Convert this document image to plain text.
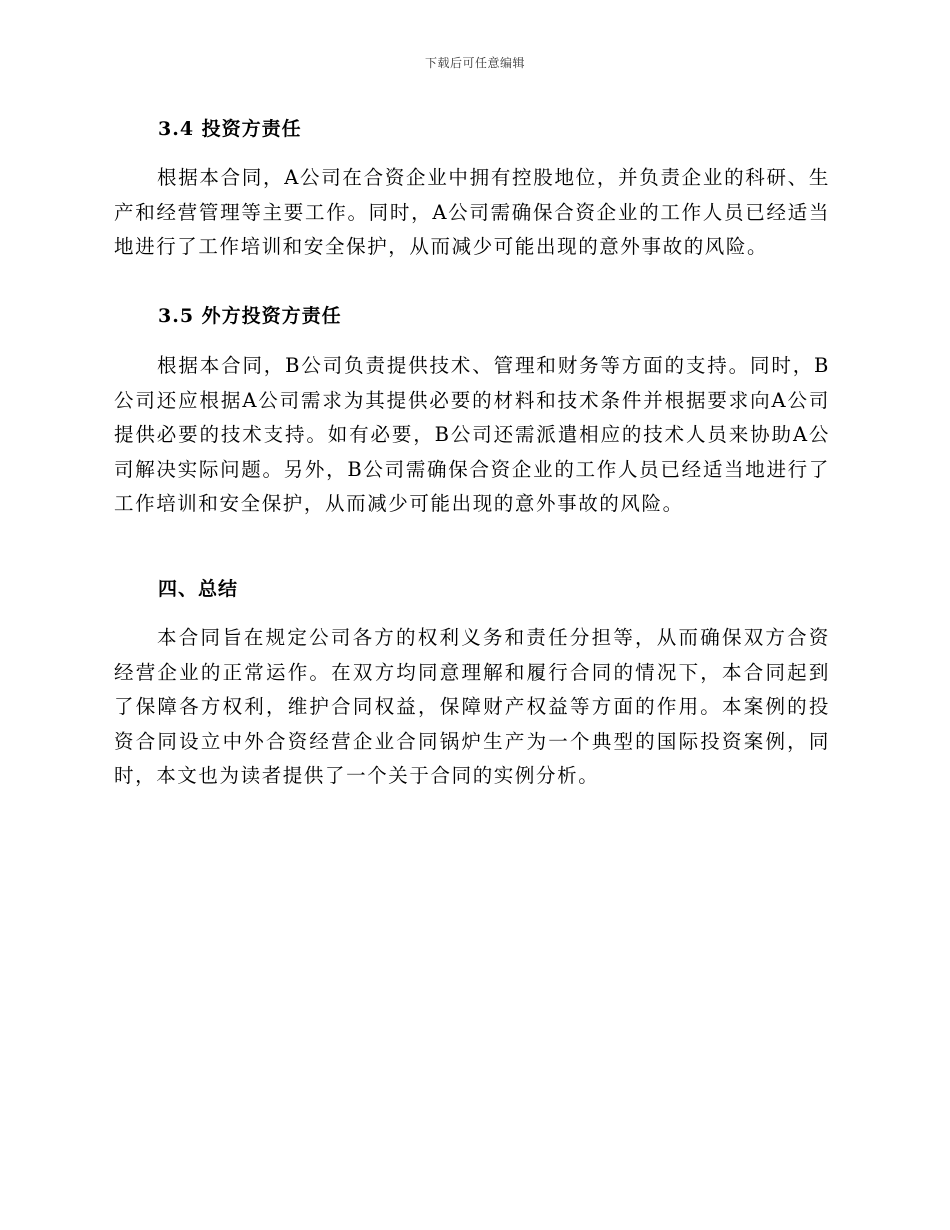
下载后可任意编辑
3.4 投资方责任
根据本合同，A公司在合资企业中拥有控股地位，并负责企业的科研、生产和经营管理等主要工作。同时，A公司需确保合资企业的工作人员已经适当地进行了工作培训和安全保护，从而减少可能出现的意外事故的风险。
3.5 外方投资方责任
根据本合同，B公司负责提供技术、管理和财务等方面的支持。同时，B公司还应根据A公司需求为其提供必要的材料和技术条件并根据要求向A公司提供必要的技术支持。如有必要，B公司还需派遣相应的技术人员来协助A公司解决实际问题。另外，B公司需确保合资企业的工作人员已经适当地进行了工作培训和安全保护，从而减少可能出现的意外事故的风险。
四、总结
本合同旨在规定公司各方的权利义务和责任分担等，从而确保双方合资经营企业的正常运作。在双方均同意理解和履行合同的情况下，本合同起到了保障各方权利，维护合同权益，保障财产权益等方面的作用。本案例的投资合同设立中外合资经营企业合同锅炉生产为一个典型的国际投资案例，同时，本文也为读者提供了一个关于合同的实例分析。
